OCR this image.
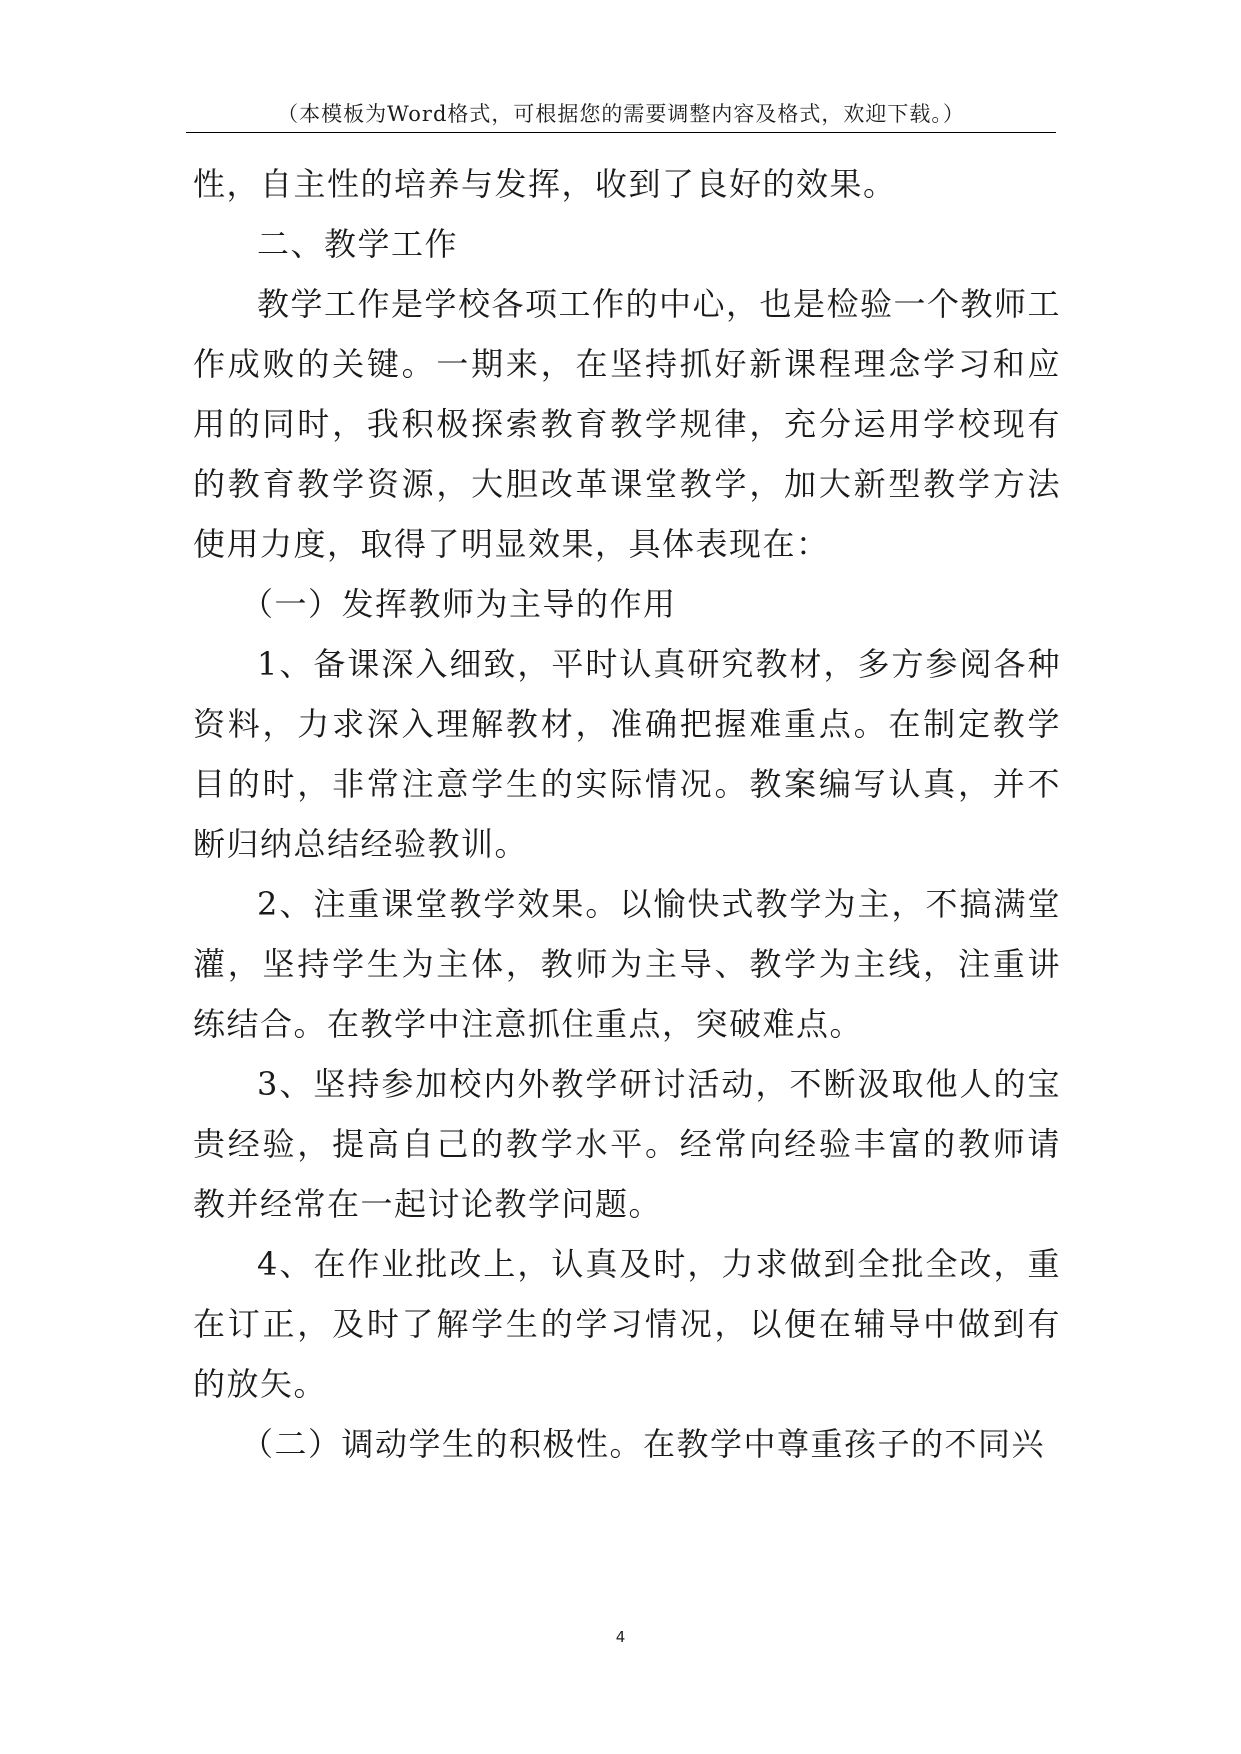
（本模板为Word格式，可根据您的需要调整内容及格式，欢迎下载。）

性，自主性的培养与发挥，收到了良好的效果。

二、教学工作

教学工作是学校各项工作的中心，也是检验一个教师工作成败的关键。一期来，在坚持抓好新课程理念学习和应用的同时，我积极探索教育教学规律，充分运用学校现有的教育教学资源，大胆改革课堂教学，加大新型教学方法使用力度，取得了明显效果，具体表现在：

（一）发挥教师为主导的作用

1、备课深入细致，平时认真研究教材，多方参阅各种资料，力求深入理解教材，准确把握难重点。在制定教学目的时，非常注意学生的实际情况。教案编写认真，并不断归纳总结经验教训。

2、注重课堂教学效果。以愉快式教学为主，不搞满堂灌，坚持学生为主体，教师为主导、教学为主线，注重讲练结合。在教学中注意抓住重点，突破难点。

3、坚持参加校内外教学研讨活动，不断汲取他人的宝贵经验，提高自己的教学水平。经常向经验丰富的教师请教并经常在一起讨论教学问题。

4、在作业批改上，认真及时，力求做到全批全改，重在订正，及时了解学生的学习情况，以便在辅导中做到有的放矢。

（二）调动学生的积极性。在教学中尊重孩子的不同兴

4
